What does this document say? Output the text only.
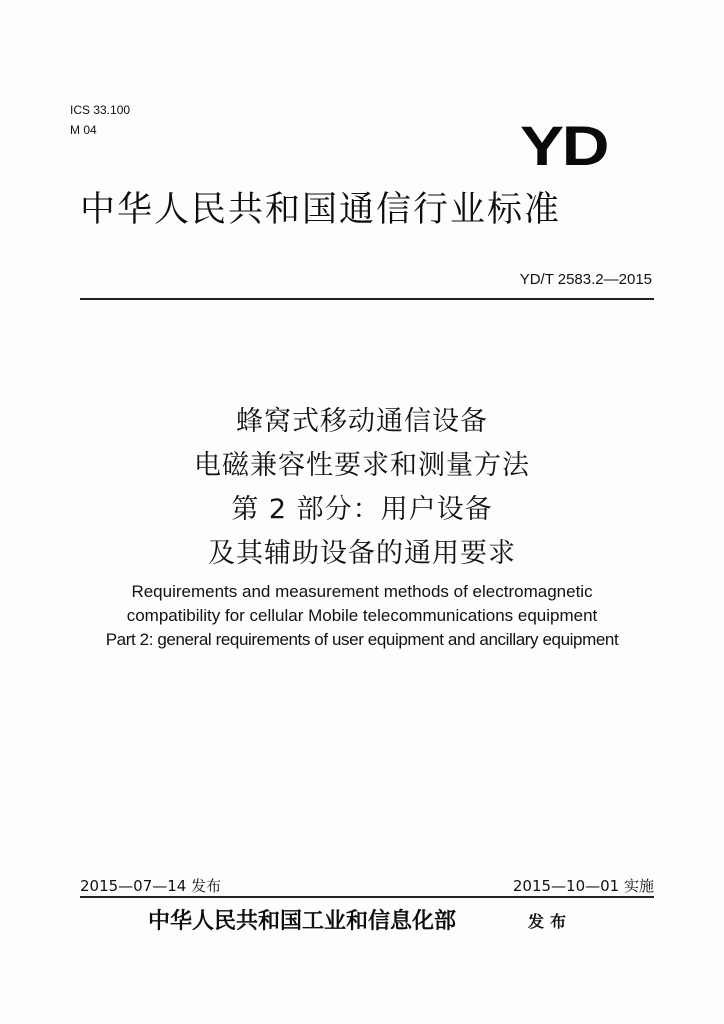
ICS 33.100
M 04	YD
中华人民共和国通信行业标准
YD/T 2583.2—2015
蜂窝式移动通信设备
电磁兼容性要求和测量方法
第 2 部分：用户设备
及其辅助设备的通用要求
Requirements and measurement methods of electromagnetic
compatibility for cellular Mobile telecommunications equipment
Part 2: general requirements of user equipment and ancillary equipment
2015—07—14 发布	2015—10—01 实施
中华人民共和国工业和信息化部	发布
